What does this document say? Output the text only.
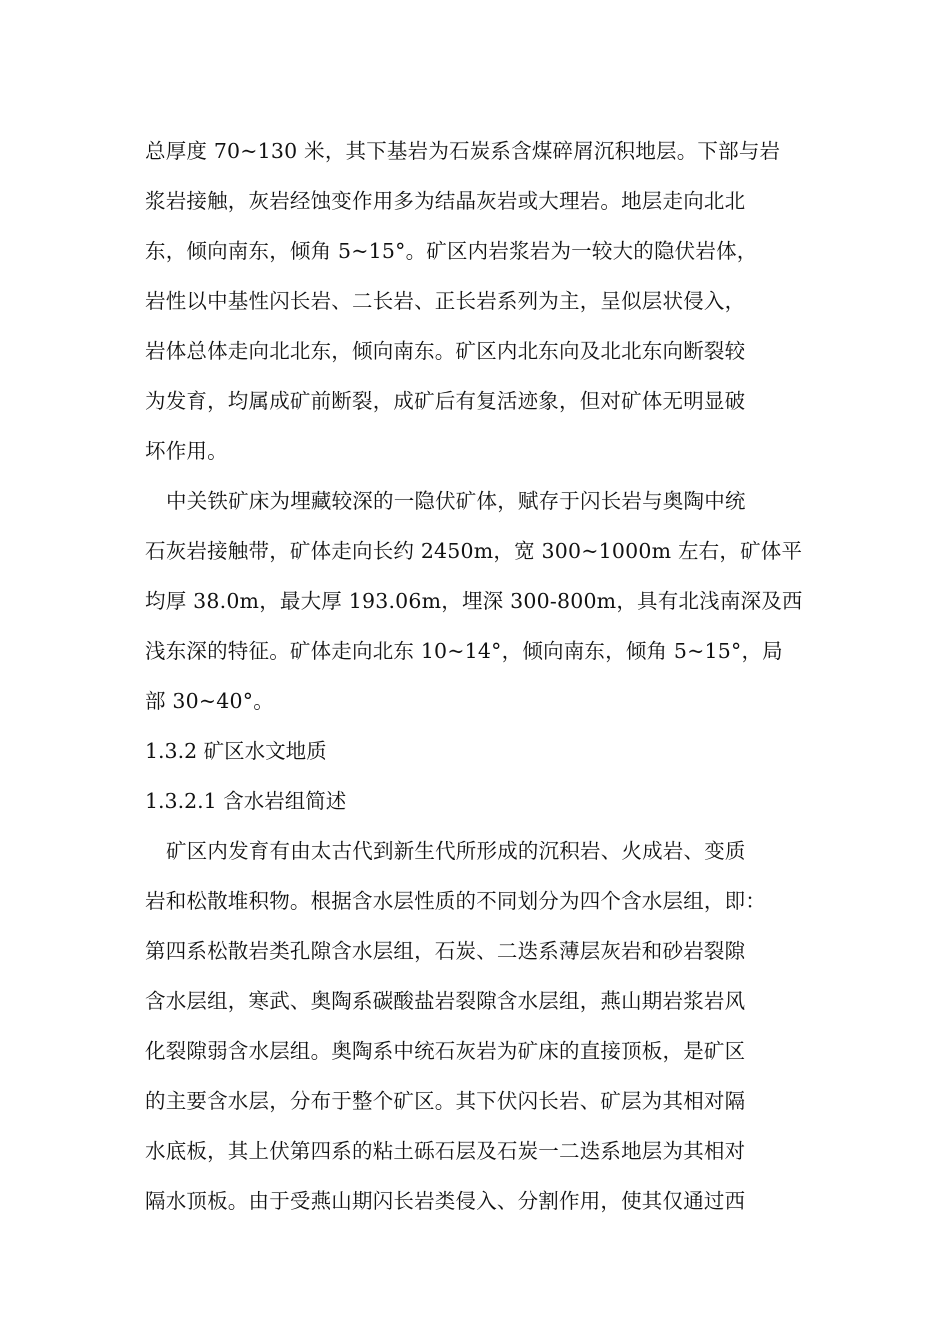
总厚度 70~130 米，其下基岩为石炭系含煤碎屑沉积地层。下部与岩
浆岩接触，灰岩经蚀变作用多为结晶灰岩或大理岩。地层走向北北
东，倾向南东，倾角 5~15°。矿区内岩浆岩为一较大的隐伏岩体，
岩性以中基性闪长岩、二长岩、正长岩系列为主，呈似层状侵入，
岩体总体走向北北东，倾向南东。矿区内北东向及北北东向断裂较
为发育，均属成矿前断裂，成矿后有复活迹象，但对矿体无明显破
坏作用。
中关铁矿床为埋藏较深的一隐伏矿体，赋存于闪长岩与奥陶中统
石灰岩接触带，矿体走向长约 2450m，宽 300~1000m 左右，矿体平
均厚 38.0m，最大厚 193.06m，埋深 300-800m，具有北浅南深及西
浅东深的特征。矿体走向北东 10~14°，倾向南东，倾角 5~15°，局
部 30~40°。
1.3.2 矿区水文地质
1.3.2.1 含水岩组简述
矿区内发育有由太古代到新生代所形成的沉积岩、火成岩、变质
岩和松散堆积物。根据含水层性质的不同划分为四个含水层组，即：
第四系松散岩类孔隙含水层组，石炭、二迭系薄层灰岩和砂岩裂隙
含水层组，寒武、奥陶系碳酸盐岩裂隙含水层组，燕山期岩浆岩风
化裂隙弱含水层组。奥陶系中统石灰岩为矿床的直接顶板，是矿区
的主要含水层，分布于整个矿区。其下伏闪长岩、矿层为其相对隔
水底板，其上伏第四系的粘土砾石层及石炭一二迭系地层为其相对
隔水顶板。由于受燕山期闪长岩类侵入、分割作用，使其仅通过西
